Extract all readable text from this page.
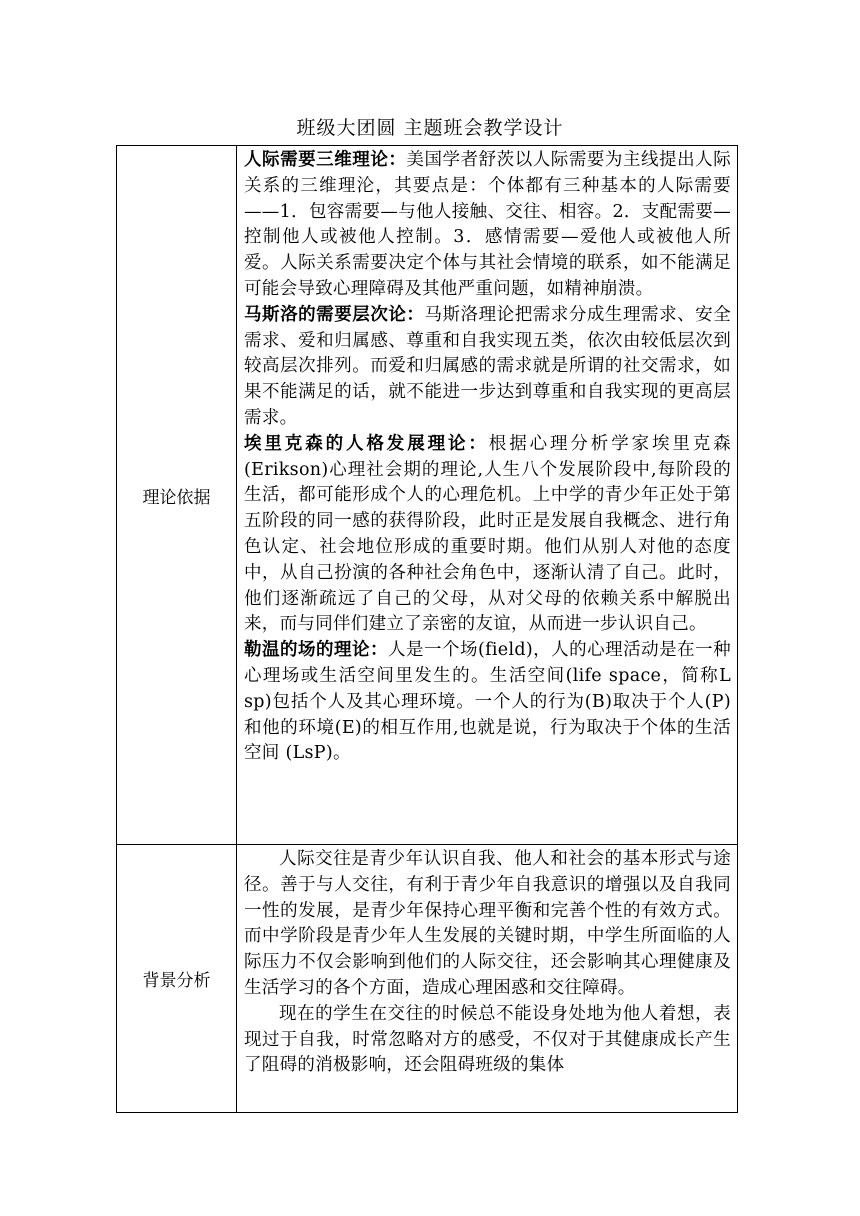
班级大团圆 主题班会教学设计
理论依据	人际需要三维理论：美国学者舒茨以人际需要为主线提出人际关系的三维理沦，其要点是：个体都有三种基本的人际需要——1．包容需要—与他人接触、交往、相容。2．支配需要—控制他人或被他人控制。3．感情需要—爱他人或被他人所爱。人际关系需要决定个体与其社会情境的联系，如不能满足可能会导致心理障碍及其他严重问题，如精神崩溃。

马斯洛的需要层次论：马斯洛理论把需求分成生理需求、安全需求、爱和归属感、尊重和自我实现五类，依次由较低层次到较高层次排列。而爱和归属感的需求就是所谓的社交需求，如果不能满足的话，就不能进一步达到尊重和自我实现的更高层需求。

埃里克森的人格发展理论：根据心理分析学家埃里克森(Erikson)心理社会期的理论,人生八个发展阶段中,每阶段的生活，都可能形成个人的心理危机。上中学的青少年正处于第五阶段的同一感的获得阶段，此时正是发展自我概念、进行角色认定、社会地位形成的重要时期。他们从别人对他的态度中，从自己扮演的各种社会角色中，逐渐认清了自己。此时，他们逐渐疏远了自己的父母，从对父母的依赖关系中解脱出来，而与同伴们建立了亲密的友谊，从而进一步认识自己。

勒温的场的理论：人是一个场(field)，人的心理活动是在一种心理场或生活空间里发生的。生活空间(life space，简称L sp)包括个人及其心理环境。一个人的行为(B)取决于个人(P)和他的环境(E)的相互作用,也就是说，行为取决于个体的生活空间 (LsP)。

背景分析	人际交往是青少年认识自我、他人和社会的基本形式与途径。善于与人交往，有利于青少年自我意识的增强以及自我同一性的发展，是青少年保持心理平衡和完善个性的有效方式。而中学阶段是青少年人生发展的关键时期，中学生所面临的人际压力不仅会影响到他们的人际交往，还会影响其心理健康及生活学习的各个方面，造成心理困惑和交往障碍。

现在的学生在交往的时候总不能设身处地为他人着想，表现过于自我，时常忽略对方的感受，不仅对于其健康成长产生了阻碍的消极影响，还会阻碍班级的集体
